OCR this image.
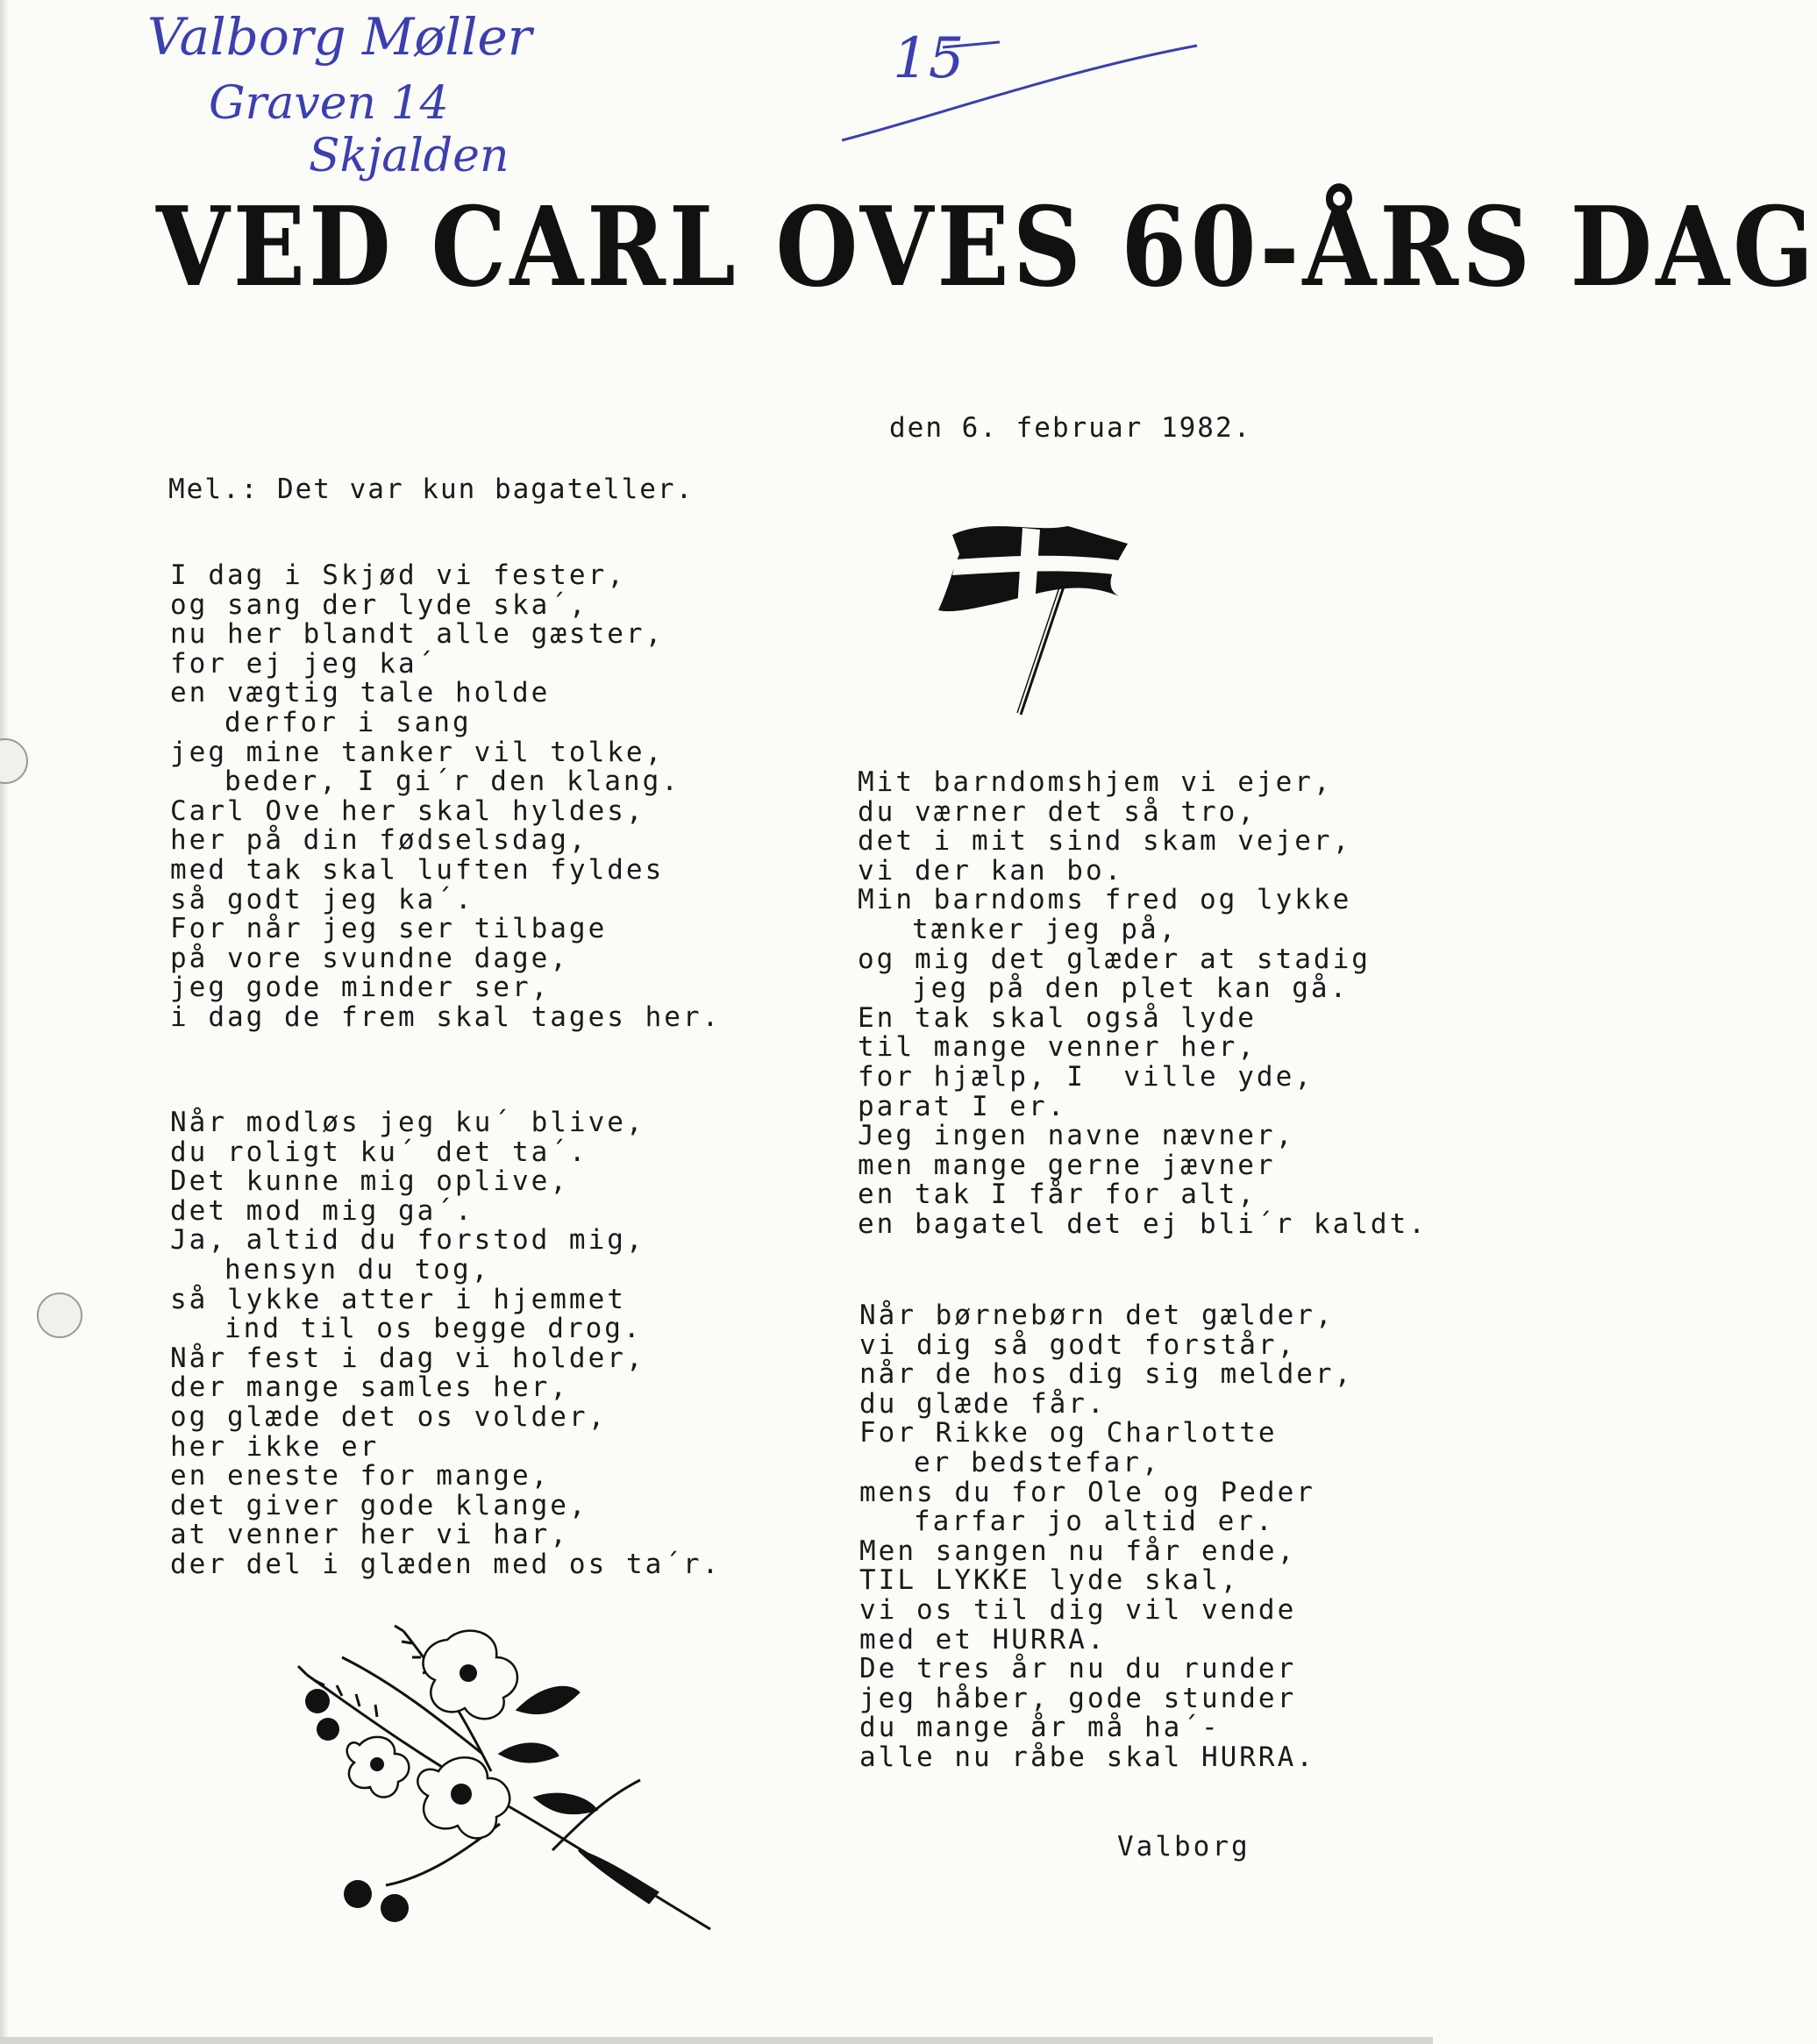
Valborg Møller
Graven 14
Skjalden
15
VED CARL OVES 60-ÅRS DAG
den 6. februar 1982.
Mel.: Det var kun bagateller.
I dag i Skjød vi fester,
og sang der lyde ska´,
nu her blandt alle gæster,
for ej jeg ka´
en vægtig tale holde
derfor i sang
jeg mine tanker vil tolke,
beder, I gi´r den klang.
Carl Ove her skal hyldes,
her på din fødselsdag,
med tak skal luften fyldes
så godt jeg ka´.
For når jeg ser tilbage
på vore svundne dage,
jeg gode minder ser,
i dag de frem skal tages her.
Når modløs jeg ku´ blive,
du roligt ku´ det ta´.
Det kunne mig oplive,
det mod mig ga´.
Ja, altid du forstod mig,
hensyn du tog,
så lykke atter i hjemmet
ind til os begge drog.
Når fest i dag vi holder,
der mange samles her,
og glæde det os volder,
her ikke er
en eneste for mange,
det giver gode klange,
at venner her vi har,
der del i glæden med os ta´r.
Mit barndomshjem vi ejer,
du værner det så tro,
det i mit sind skam vejer,
vi der kan bo.
Min barndoms fred og lykke
tænker jeg på,
og mig det glæder at stadig
jeg på den plet kan gå.
En tak skal også lyde
til mange venner her,
for hjælp, I  ville yde,
parat I er.
Jeg ingen navne nævner,
men mange gerne jævner
en tak I får for alt,
en bagatel det ej bli´r kaldt.
Når børnebørn det gælder,
vi dig så godt forstår,
når de hos dig sig melder,
du glæde får.
For Rikke og Charlotte
er bedstefar,
mens du for Ole og Peder
farfar jo altid er.
Men sangen nu får ende,
TIL LYKKE lyde skal,
vi os til dig vil vende
med et HURRA.
De tres år nu du runder
jeg håber, gode stunder
du mange år må ha´-
alle nu råbe skal HURRA.
Valborg
